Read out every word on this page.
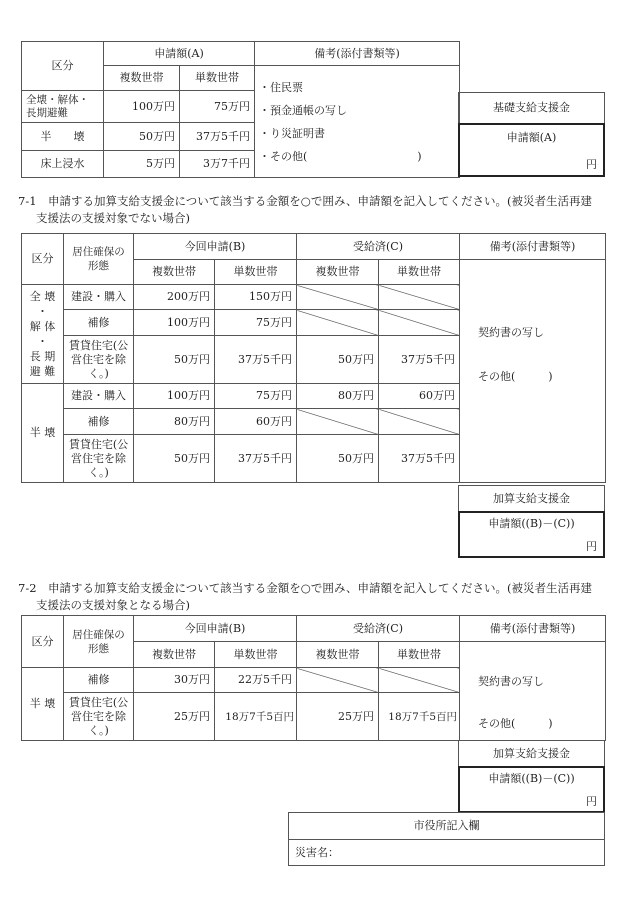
区分	申請額(A)		備考(添付書類等)
	複数世帯	単数世帯	・住民票
・預金通帳の写し
・り災証明書
・その他(　　　　　　　　　　)

全壊・解体・長期避難	100万円	75万円	
半　　壊	50万円	37万5千円	
床上浸水	5万円	3万7千円	
基礎支給支援金
申請額(A)
円
7-1　申請する加算支給支援金について該当する金額を○で囲み、申請額を記入してください。(被災者生活再建
支援法の支援対象でない場合)
区分	居住確保の形態	今回申請(B)		受給済(C)		備考(添付書類等)
		複数世帯	単数世帯	複数世帯	単数世帯	契約書の写し
その他(　　　)

全 壊
・
解 体
・
長 期
避 難
	建設・購入	200万円	150万円		
	補修	100万円	75万円			
	賃貸住宅(公営住宅を除く。)	50万円	37万5千円	50万円	37万5千円	
半 壊	建設・購入	100万円	75万円	80万円	60万円	
	補修	80万円	60万円			
	賃貸住宅(公営住宅を除く。)	50万円	37万5千円	50万円	37万5千円	
加算支給支援金
申請額((B)－(C))
円
7-2　申請する加算支給支援金について該当する金額を○で囲み、申請額を記入してください。(被災者生活再建
支援法の支援対象となる場合)
区分	居住確保の形態	今回申請(B)		受給済(C)		備考(添付書類等)
		複数世帯	単数世帯	複数世帯	単数世帯	契約書の写し
その他(　　　)

半 壊	補修	30万円	22万5千円			
	賃貸住宅(公営住宅を除く。)	25万円	18万7千5百円	25万円	18万7千5百円	
加算支給支援金
申請額((B)－(C))
円
市役所記入欄
災害名：
